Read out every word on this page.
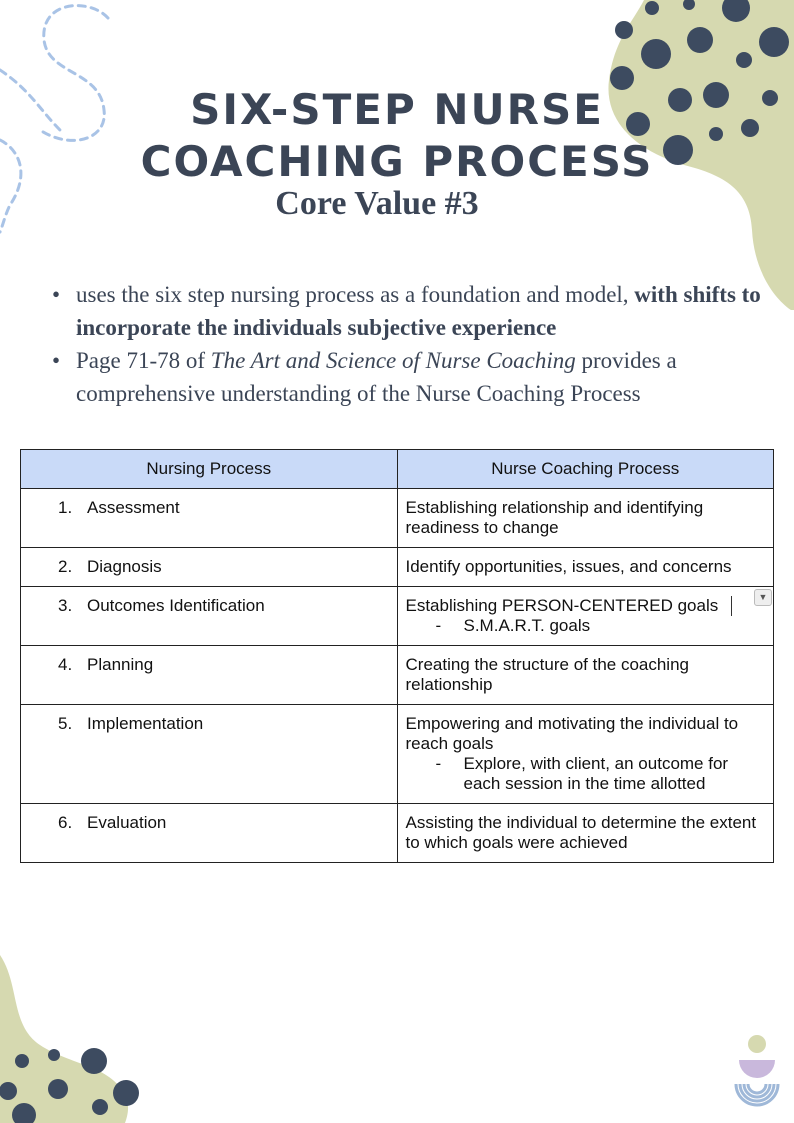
SIX-STEP NURSE
COACHING PROCESS
Core Value #3
• uses the six step nursing process as a foundation and model, with shifts to incorporate the individuals subjective experience
• Page 71-78 of The Art and Science of Nurse Coaching provides a comprehensive understanding of the Nurse Coaching Process
Nursing Process	Nurse Coaching Process
1. Assessment	Establishing relationship and identifying readiness to change
2. Diagnosis	Identify opportunities, issues, and concerns
3. Outcomes Identification	Establishing PERSON-CENTERED goals
- S.M.A.R.T. goals

4. Planning	Creating the structure of the coaching relationship
5. Implementation	Empowering and motivating the individual to reach goals
- Explore, with client, an outcome for each session in the time allotted

6. Evaluation	Assisting the individual to determine the extent to which goals were achieved
▼
